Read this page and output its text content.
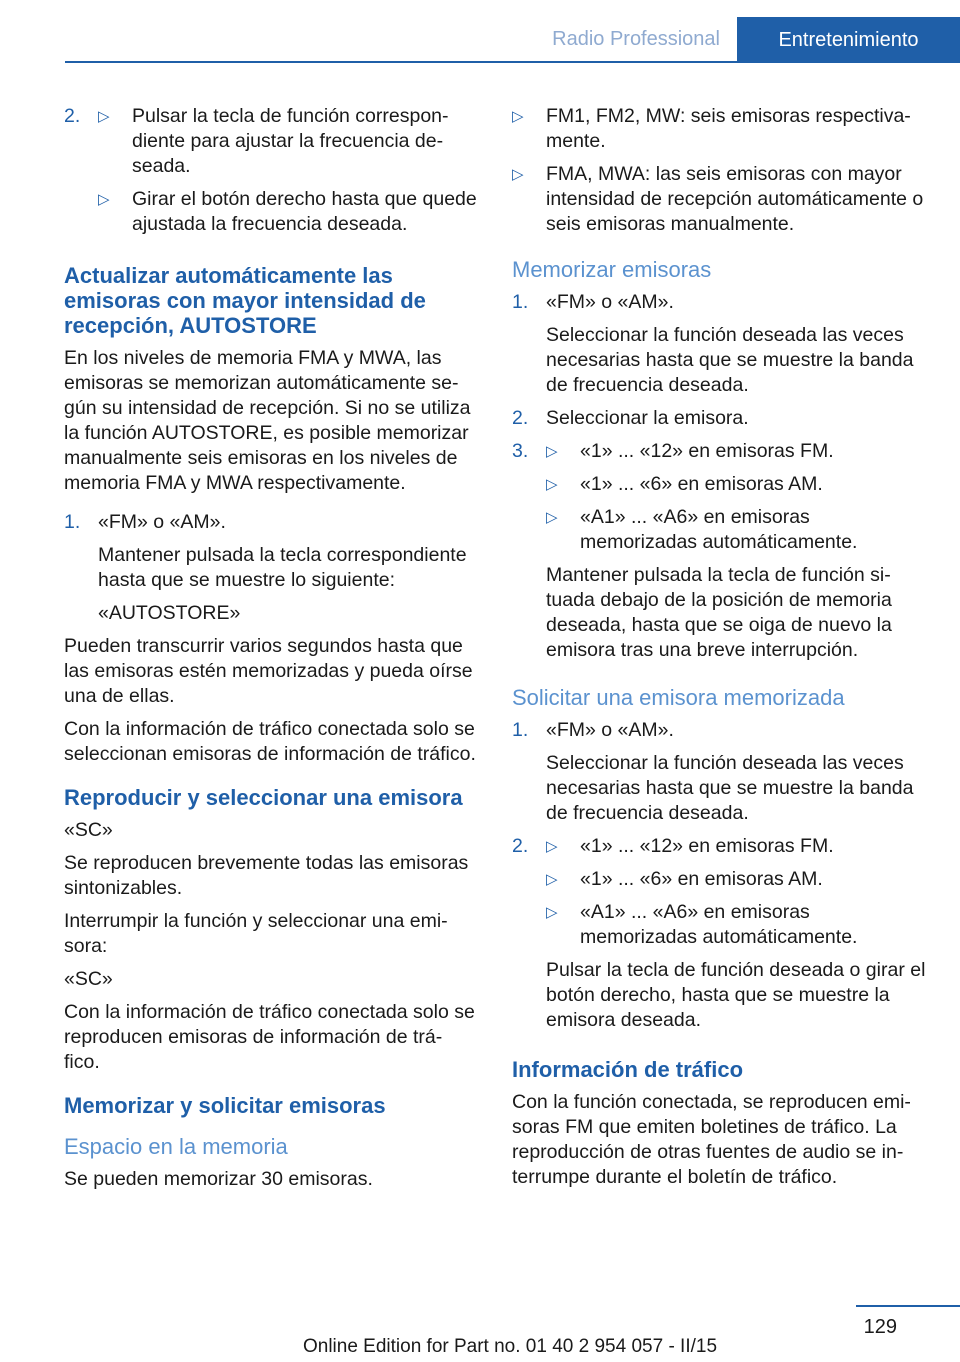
Radio Professional	Entretenimiento
2. ▷ Pulsar la tecla de función correspon‐ diente para ajustar la frecuencia de‐ seada.
▷ Girar el botón derecho hasta que quede ajustada la frecuencia deseada.
Actualizar automáticamente las emisoras con mayor intensidad de recepción, AUTOSTORE
En los niveles de memoria FMA y MWA, las emisoras se memorizan automáticamente se‐ gún su intensidad de recepción. Si no se utiliza la función AUTOSTORE, es posible memorizar manualmente seis emisoras en los niveles de memoria FMA y MWA respectivamente.
1. «FM» o «AM».
Mantener pulsada la tecla correspondiente hasta que se muestre lo siguiente:
«AUTOSTORE»
Pueden transcurrir varios segundos hasta que las emisoras estén memorizadas y pueda oírse una de ellas.
Con la información de tráfico conectada solo se seleccionan emisoras de información de tráfico.
Reproducir y seleccionar una emisora
«SC»
Se reproducen brevemente todas las emisoras sintonizables.
Interrumpir la función y seleccionar una emi‐ sora:
«SC»
Con la información de tráfico conectada solo se reproducen emisoras de información de trá‐ fico.
Memorizar y solicitar emisoras
Espacio en la memoria
Se pueden memorizar 30 emisoras.
▷ FM1, FM2, MW: seis emisoras respectiva‐ mente.
▷ FMA, MWA: las seis emisoras con mayor intensidad de recepción automáticamente o seis emisoras manualmente.
Memorizar emisoras
1. «FM» o «AM».
Seleccionar la función deseada las veces necesarias hasta que se muestre la banda de frecuencia deseada.
2. Seleccionar la emisora.
3. ▷ «1» ... «12» en emisoras FM.
▷ «1» ... «6» en emisoras AM.
▷ «A1» ... «A6» en emisoras memorizadas automáticamente.
Mantener pulsada la tecla de función si‐ tuada debajo de la posición de memoria deseada, hasta que se oiga de nuevo la emisora tras una breve interrupción.
Solicitar una emisora memorizada
1. «FM» o «AM».
Seleccionar la función deseada las veces necesarias hasta que se muestre la banda de frecuencia deseada.
2. ▷ «1» ... «12» en emisoras FM.
▷ «1» ... «6» en emisoras AM.
▷ «A1» ... «A6» en emisoras memorizadas automáticamente.
Pulsar la tecla de función deseada o girar el botón derecho, hasta que se muestre la emisora deseada.
Información de tráfico
Con la función conectada, se reproducen emi‐ soras FM que emiten boletines de tráfico. La reproducción de otras fuentes de audio se in‐ terrumpe durante el boletín de tráfico.
129
Online Edition for Part no. 01 40 2 954 057 - II/15
